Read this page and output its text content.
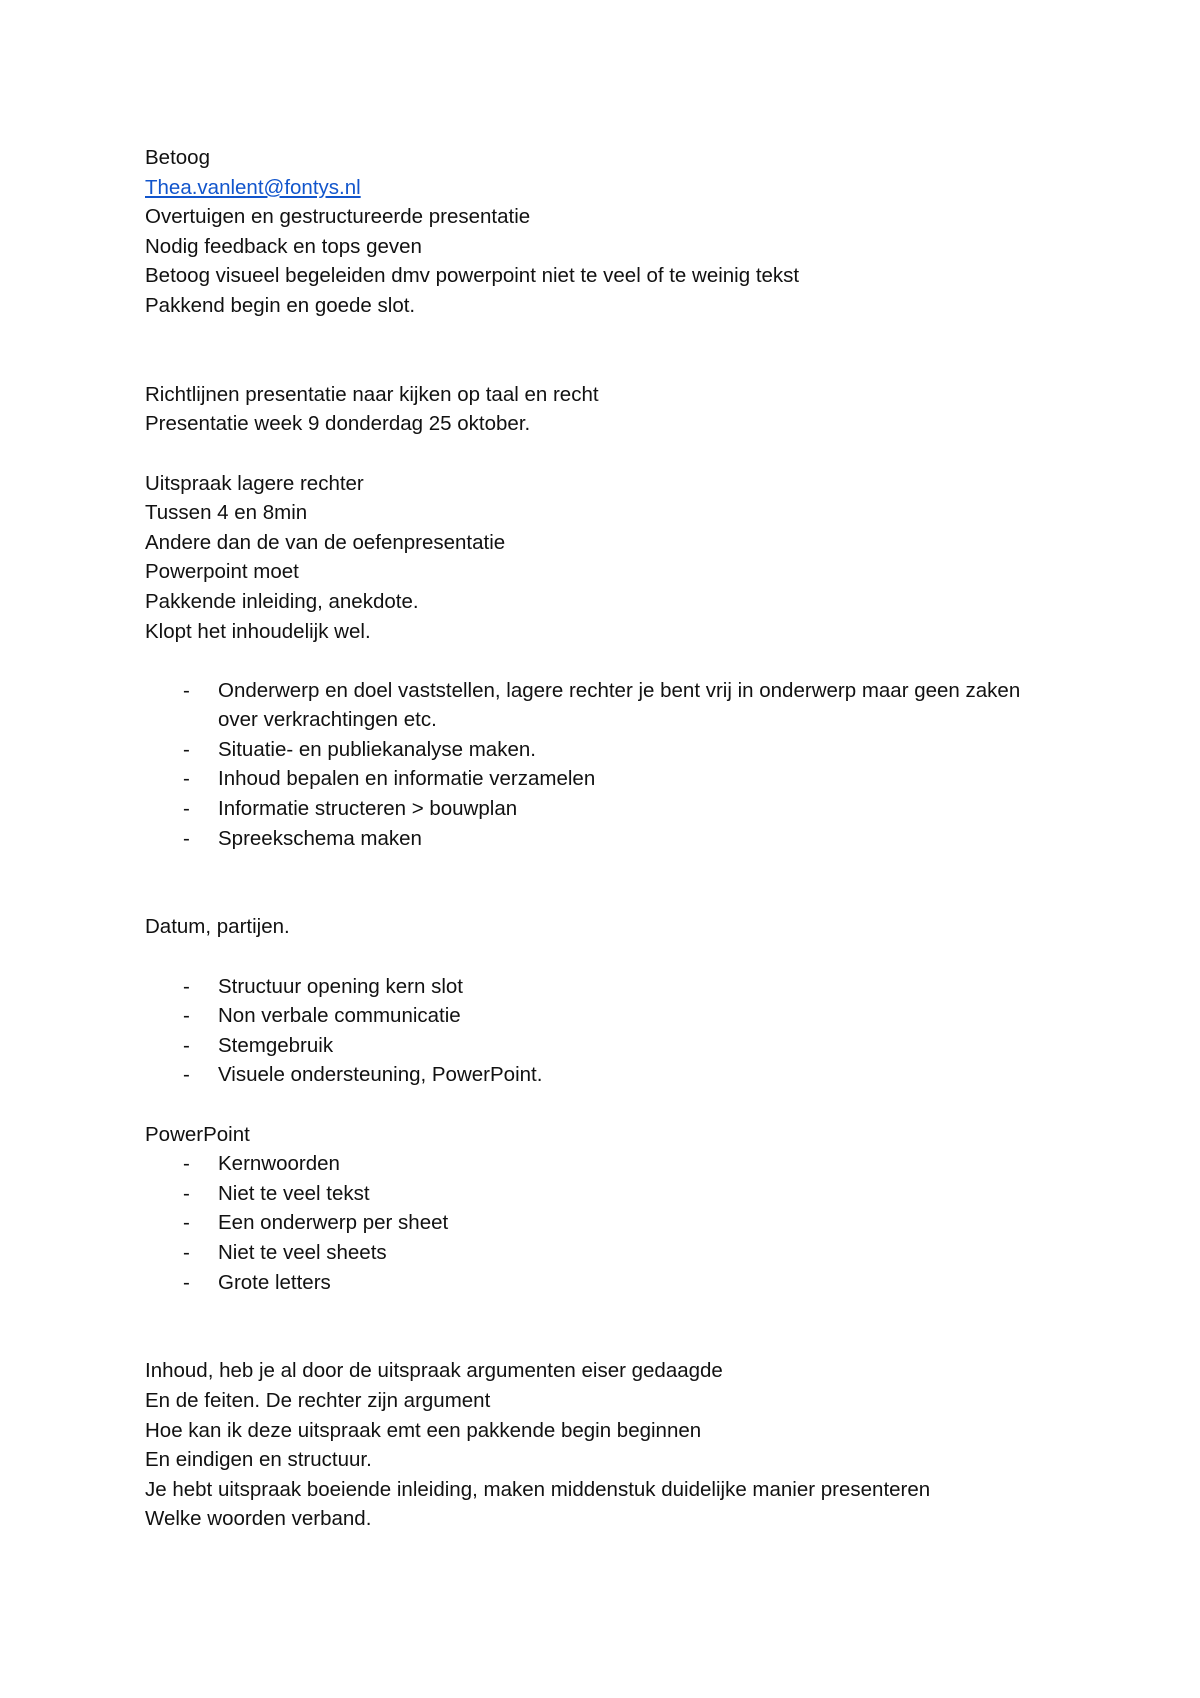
Betoog
Thea.vanlent@fontys.nl
Overtuigen en gestructureerde presentatie
Nodig feedback en tops geven
Betoog visueel begeleiden dmv powerpoint niet te veel of te weinig tekst
Pakkend begin en goede slot.
Richtlijnen presentatie naar kijken op taal en recht
Presentatie week 9 donderdag 25 oktober.
Uitspraak lagere rechter
Tussen 4 en 8min
Andere dan de van de oefenpresentatie
Powerpoint moet
Pakkende inleiding, anekdote.
Klopt het inhoudelijk wel.
- Onderwerp en doel vaststellen, lagere rechter je bent vrij in onderwerp maar geen zaken over verkrachtingen etc.
- Situatie- en publiekanalyse maken.
- Inhoud bepalen en informatie verzamelen
- Informatie structeren > bouwplan
- Spreekschema maken
Datum, partijen.
- Structuur opening kern slot
- Non verbale communicatie
- Stemgebruik
- Visuele ondersteuning, PowerPoint.
PowerPoint
- Kernwoorden
- Niet te veel tekst
- Een onderwerp per sheet
- Niet te veel sheets
- Grote letters
Inhoud, heb je al door de uitspraak argumenten eiser gedaagde
En de feiten. De rechter zijn argument
Hoe kan ik deze uitspraak emt een pakkende begin beginnen
En eindigen en structuur.
Je hebt uitspraak boeiende inleiding, maken middenstuk duidelijke manier presenteren
Welke woorden verband.
